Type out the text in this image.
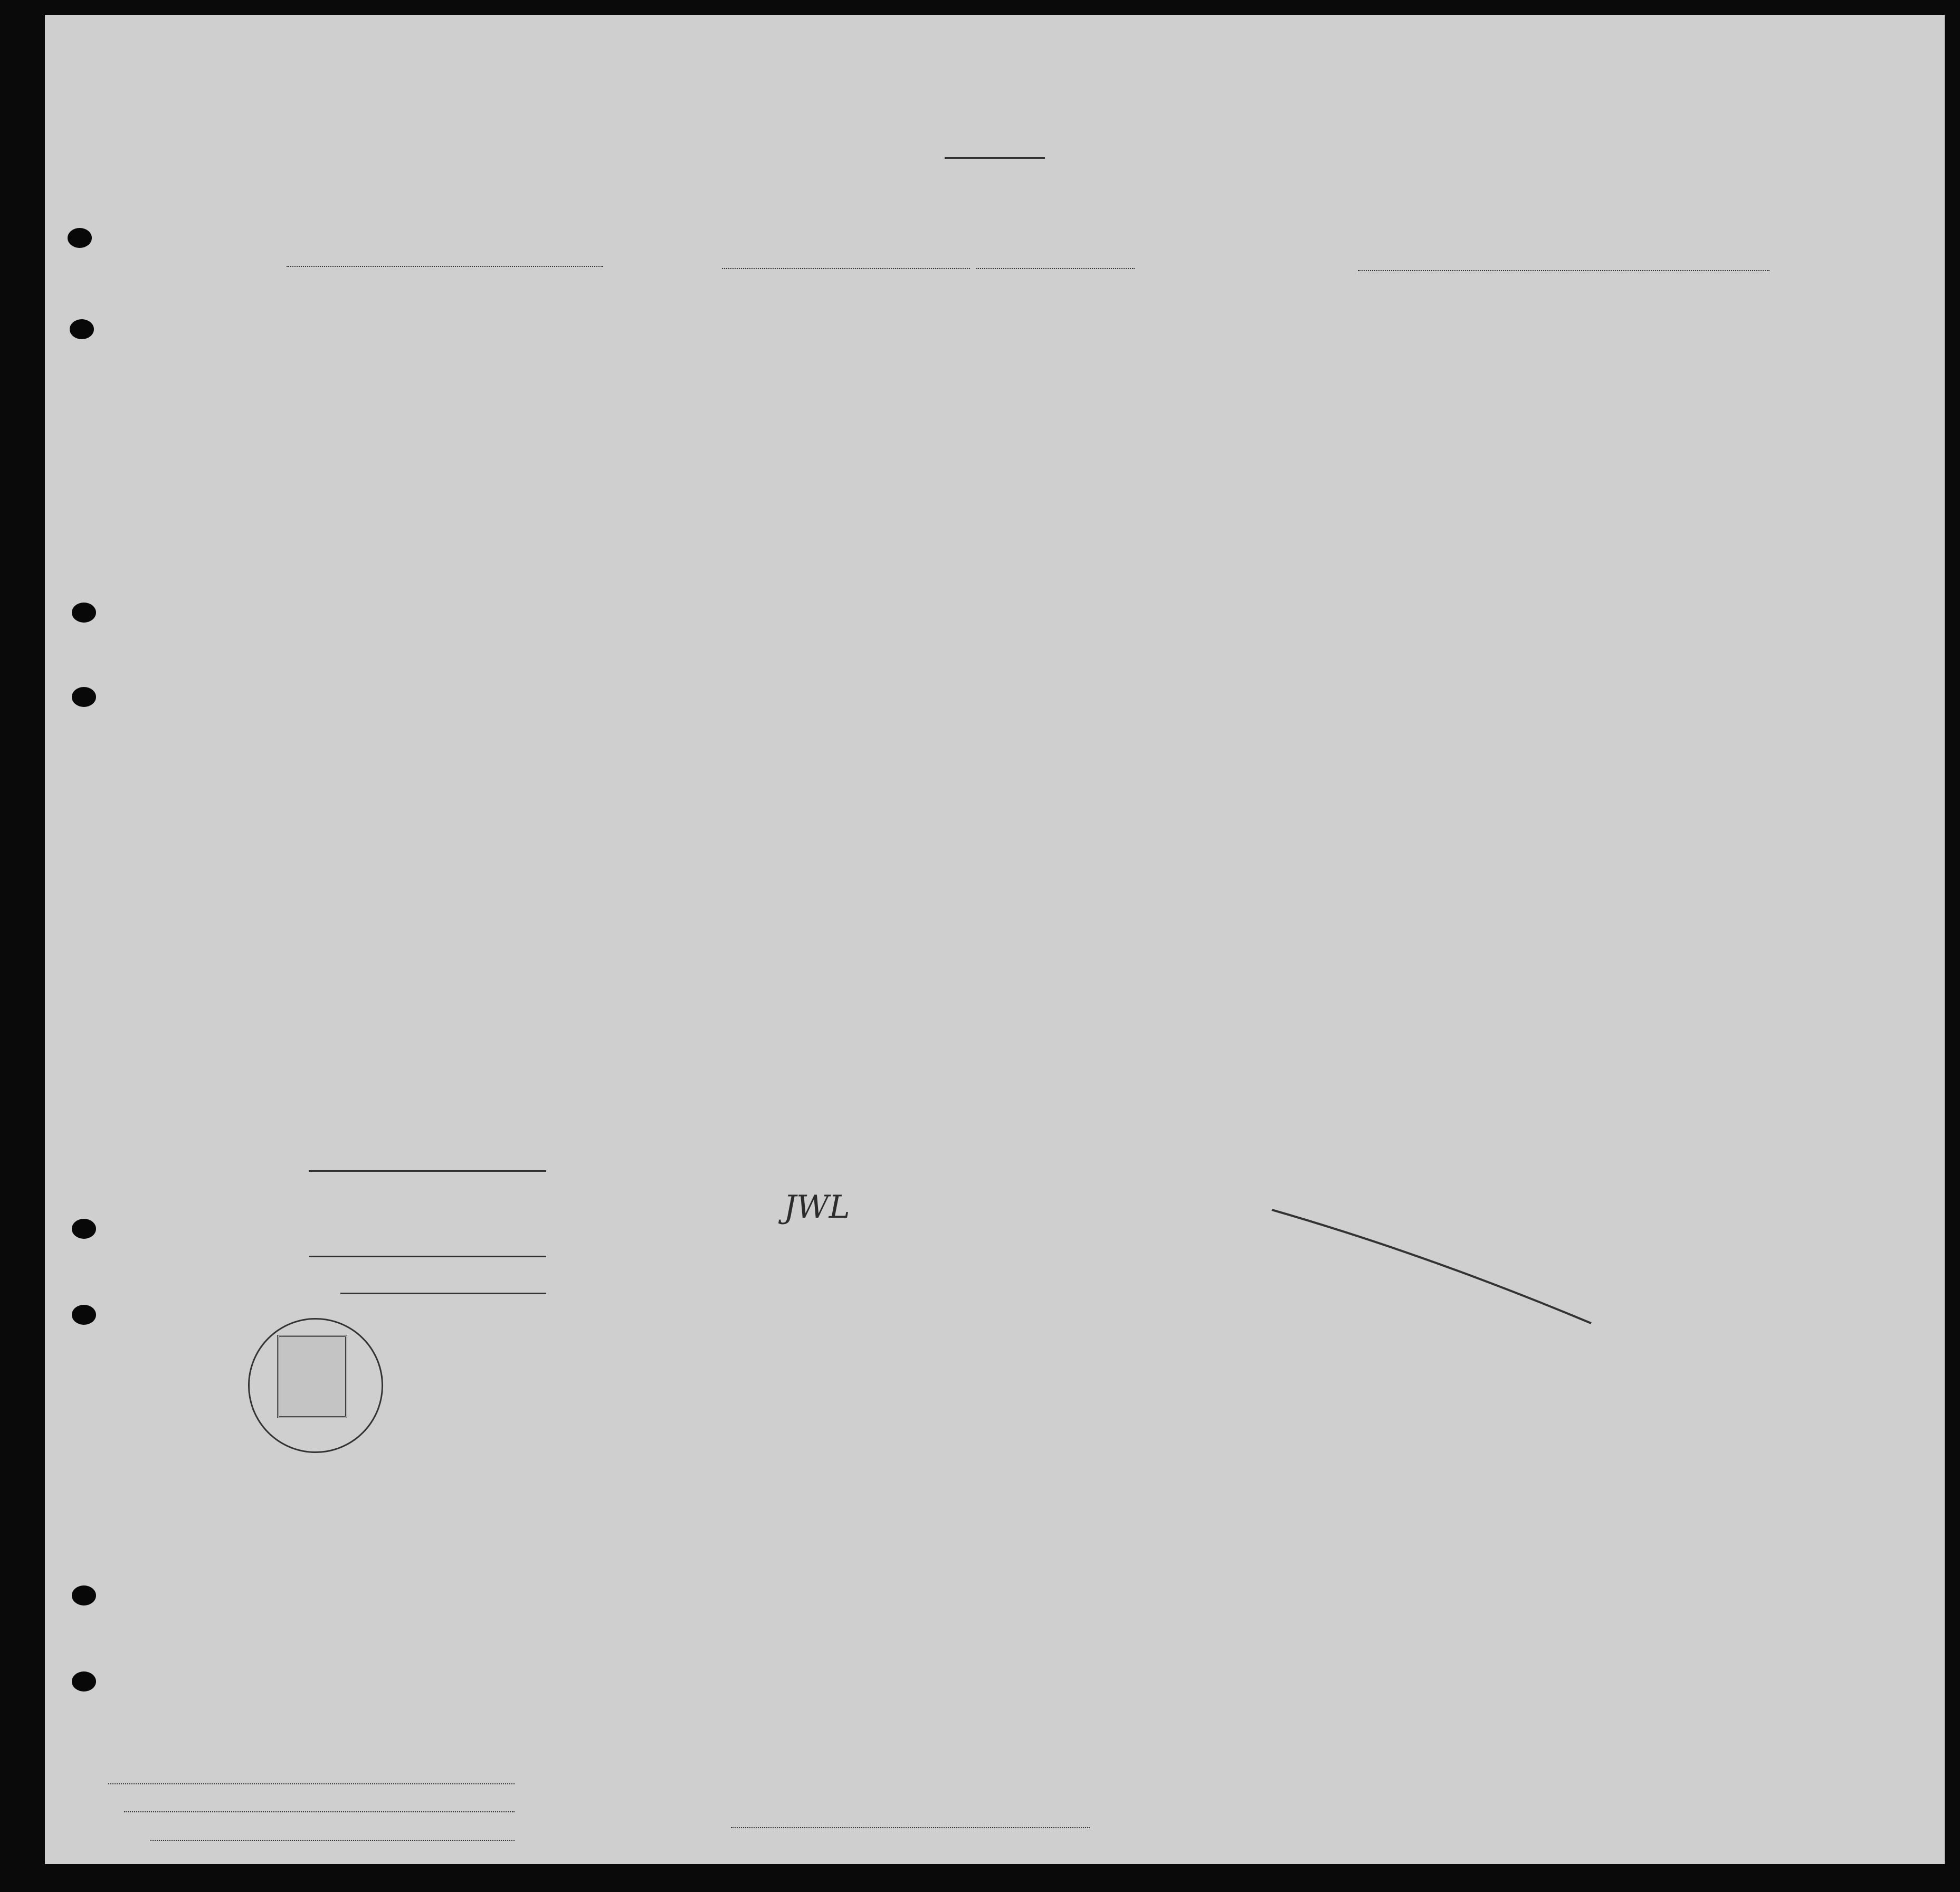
JWL
